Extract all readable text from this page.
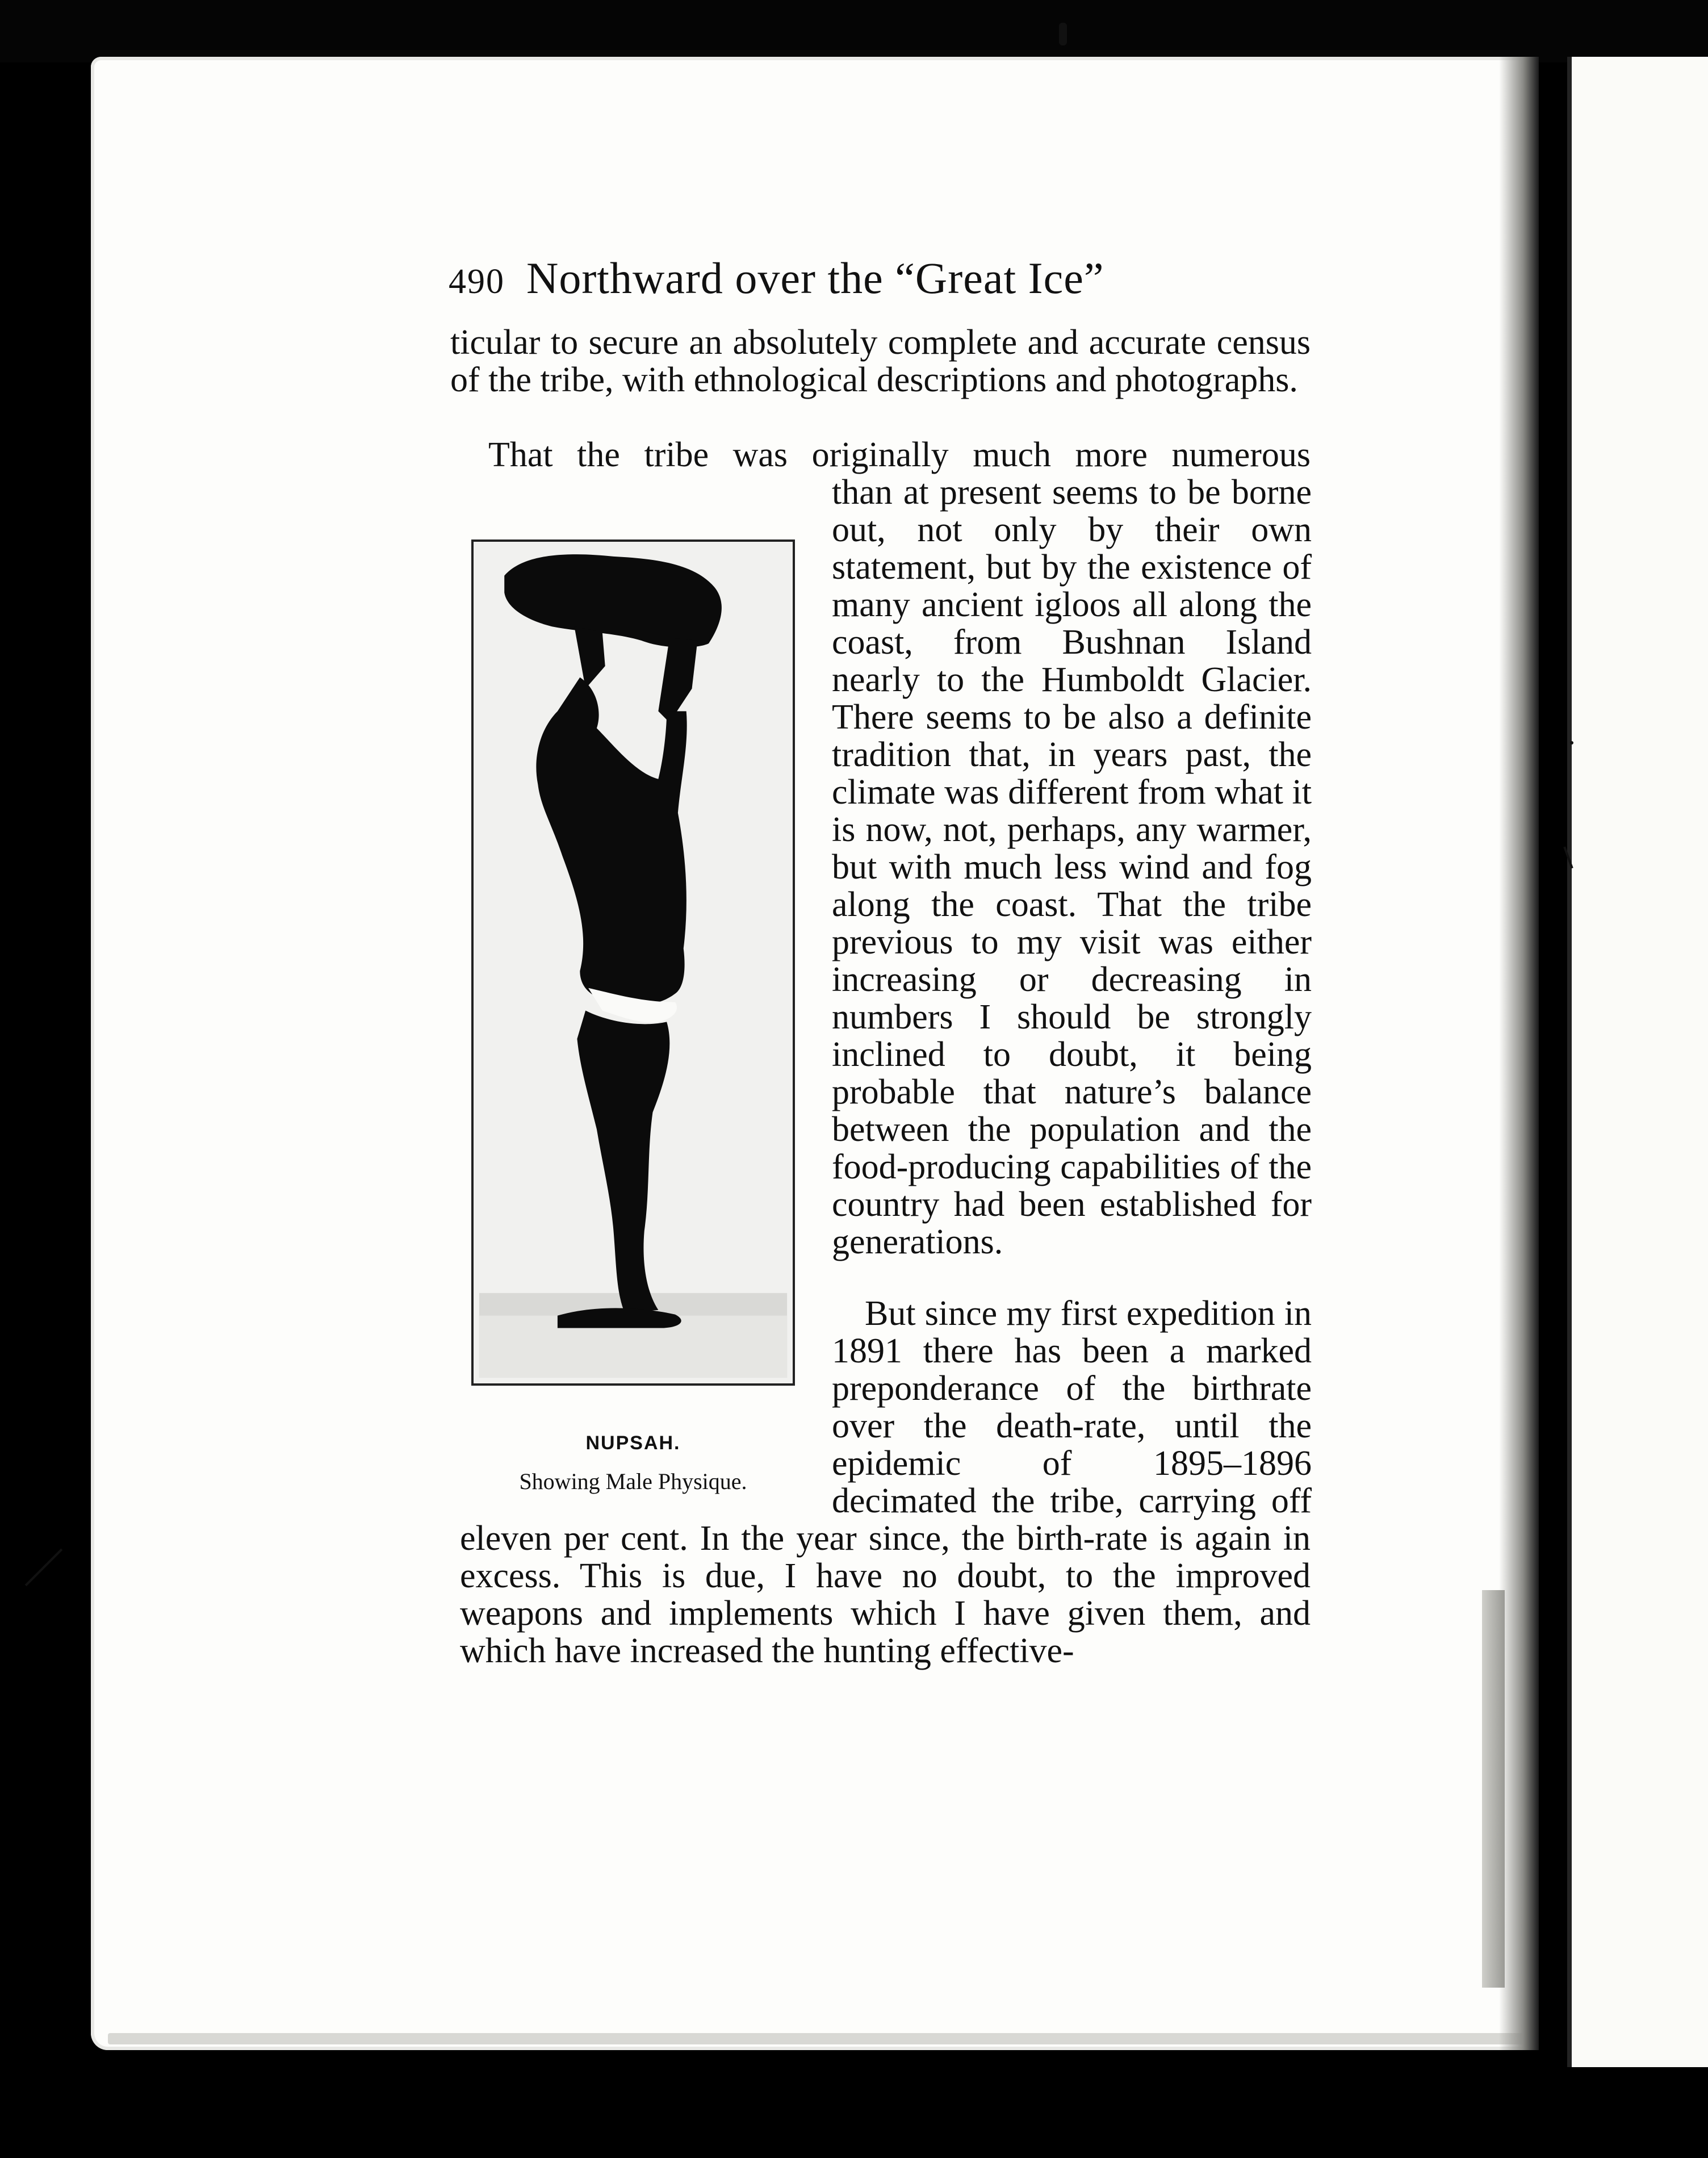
490 Northward over the “Great Ice”

ticular to secure an absolutely complete and accurate census of the tribe, with ethnological descriptions and photographs.

That the tribe was originally much more numerous

than at present seems to be borne out, not only by their own statement, but by the existence of many ancient igloos all along the coast, from Bushnan Island nearly to the Humboldt Glacier. There seems to be also a definite tradition that, in years past, the climate was different from what it is now, not, perhaps, any warmer, but with much less wind and fog along the coast. That the tribe previous to my visit was either increasing or decreasing in numbers I should be strongly inclined to doubt, it being probable that nature’s balance between the population and the food-producing capabilities of the country had been established for generations.

But since my first expedition in 1891 there has been a marked preponderance of the birthrate over the death-rate, until the epidemic of 1895–1896 decimated the tribe, carrying off

eleven per cent. In the year since, the birth-rate is again in excess. This is due, I have no doubt, to the improved weapons and implements which I have given them, and which have increased the hunting effective-

NUPSAH.
Showing Male Physique.
